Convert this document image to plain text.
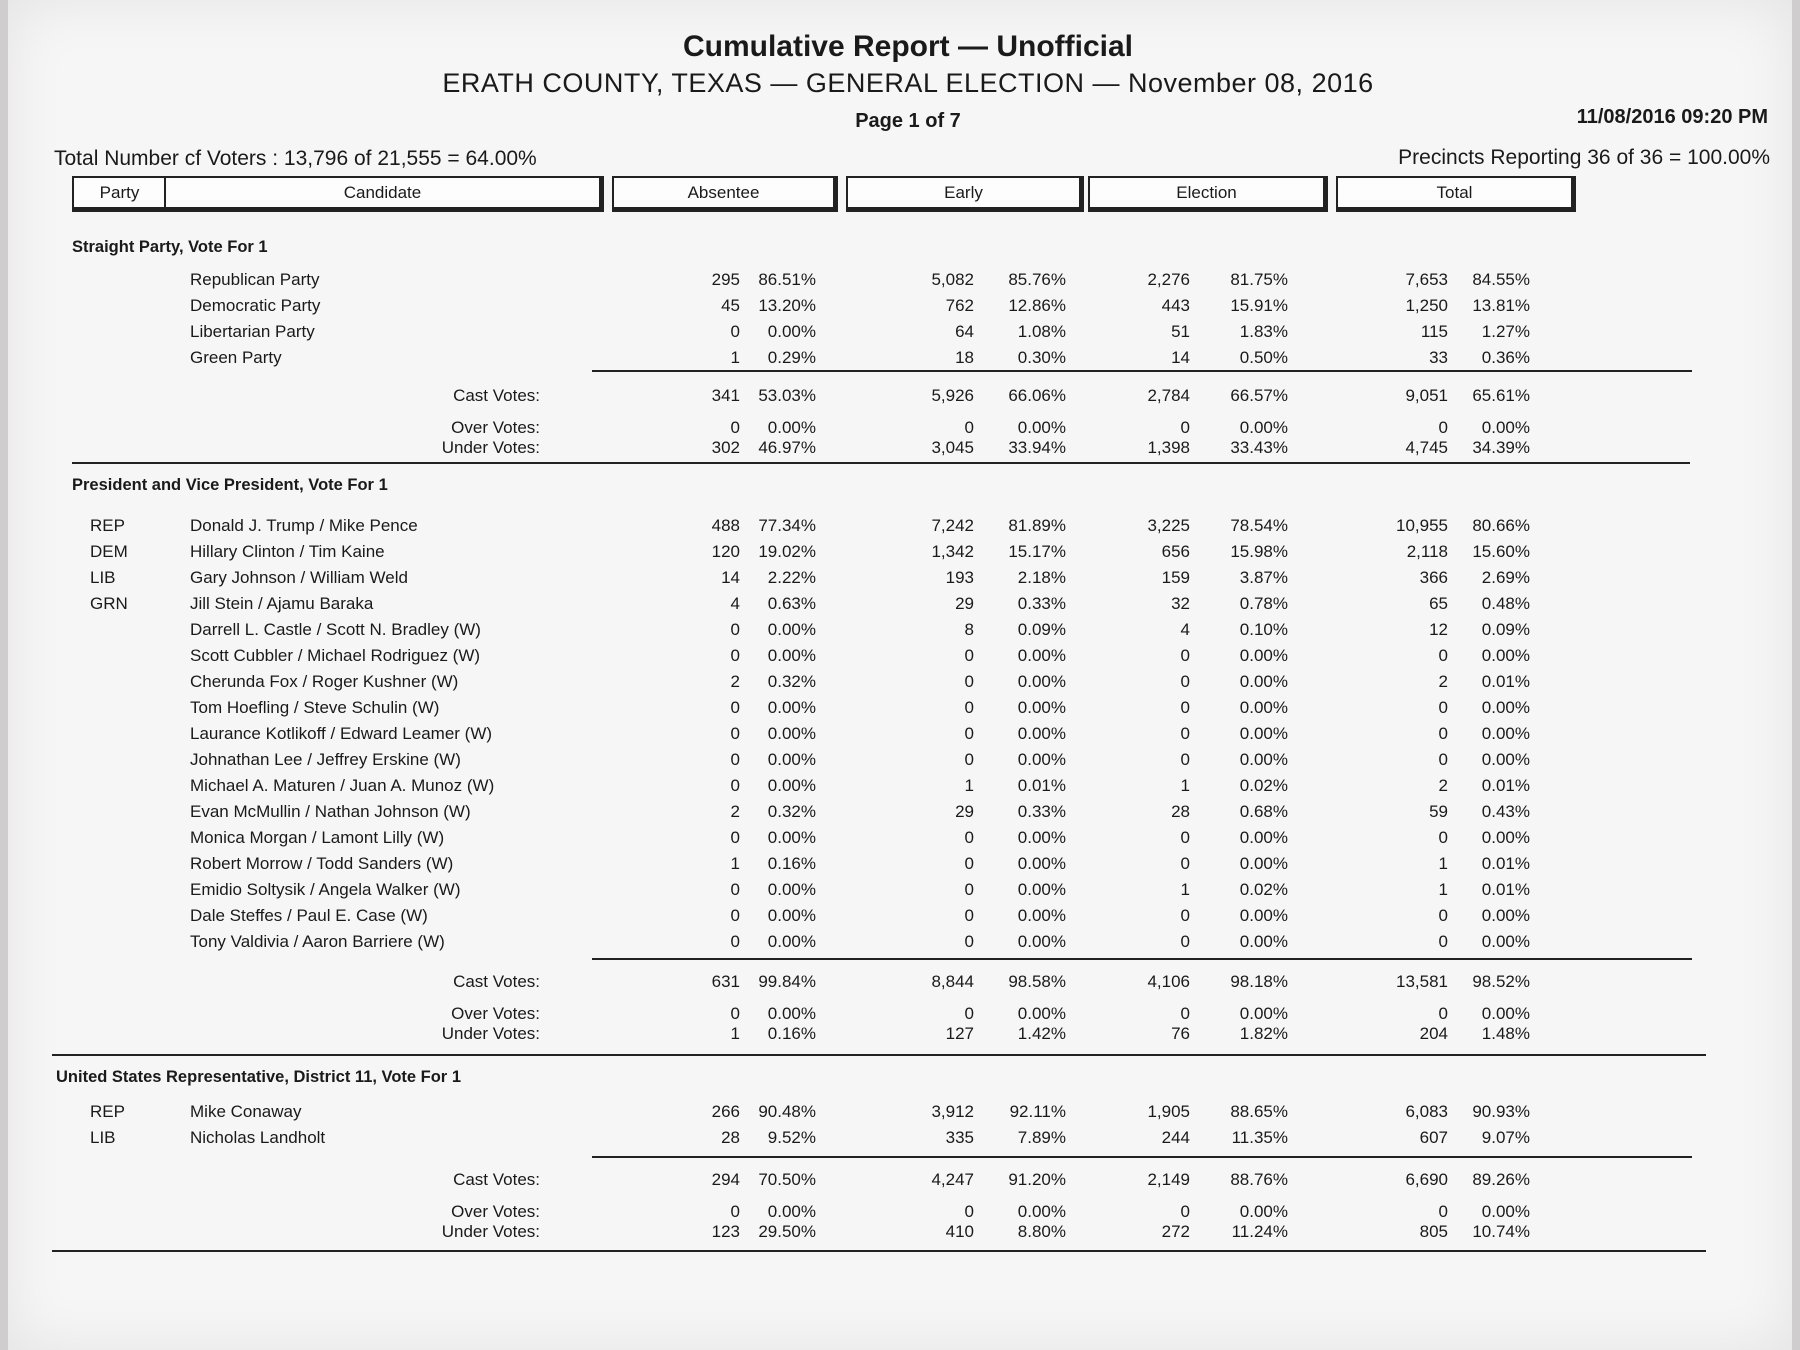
Cumulative Report — Unofficial
ERATH COUNTY, TEXAS — GENERAL ELECTION — November 08, 2016
Page 1 of 7	11/08/2016 09:20 PM
Total Number cf Voters : 13,796 of 21,555 = 64.00%	Precincts Reporting 36 of 36 = 100.00%
Party	Candidate	Absentee	Early	Election	Total
Straight Party, Vote For 1
Republican Party	295	86.51%	5,082	85.76%	2,276	81.75%	7,653	84.55%
Democratic Party	45	13.20%	762	12.86%	443	15.91%	1,250	13.81%
Libertarian Party	0	0.00%	64	1.08%	51	1.83%	115	1.27%
Green Party	1	0.29%	18	0.30%	14	0.50%	33	0.36%
Cast Votes:	341	53.03%	5,926	66.06%	2,784	66.57%	9,051	65.61%
Over Votes:	0	0.00%	0	0.00%	0	0.00%	0	0.00%
Under Votes:	302	46.97%	3,045	33.94%	1,398	33.43%	4,745	34.39%
President and Vice President, Vote For 1
REP	Donald J. Trump / Mike Pence	488	77.34%	7,242	81.89%	3,225	78.54%	10,955	80.66%
DEM	Hillary Clinton / Tim Kaine	120	19.02%	1,342	15.17%	656	15.98%	2,118	15.60%
LIB	Gary Johnson / William Weld	14	2.22%	193	2.18%	159	3.87%	366	2.69%
GRN	Jill Stein / Ajamu Baraka	4	0.63%	29	0.33%	32	0.78%	65	0.48%
Darrell L. Castle / Scott N. Bradley (W)	0	0.00%	8	0.09%	4	0.10%	12	0.09%
Scott Cubbler / Michael Rodriguez (W)	0	0.00%	0	0.00%	0	0.00%	0	0.00%
Cherunda Fox / Roger Kushner (W)	2	0.32%	0	0.00%	0	0.00%	2	0.01%
Tom Hoefling / Steve Schulin (W)	0	0.00%	0	0.00%	0	0.00%	0	0.00%
Laurance Kotlikoff / Edward Leamer (W)	0	0.00%	0	0.00%	0	0.00%	0	0.00%
Johnathan Lee / Jeffrey Erskine (W)	0	0.00%	0	0.00%	0	0.00%	0	0.00%
Michael A. Maturen / Juan A. Munoz (W)	0	0.00%	1	0.01%	1	0.02%	2	0.01%
Evan McMullin / Nathan Johnson (W)	2	0.32%	29	0.33%	28	0.68%	59	0.43%
Monica Morgan / Lamont Lilly (W)	0	0.00%	0	0.00%	0	0.00%	0	0.00%
Robert Morrow / Todd Sanders (W)	1	0.16%	0	0.00%	0	0.00%	1	0.01%
Emidio Soltysik / Angela Walker (W)	0	0.00%	0	0.00%	1	0.02%	1	0.01%
Dale Steffes / Paul E. Case (W)	0	0.00%	0	0.00%	0	0.00%	0	0.00%
Tony Valdivia / Aaron Barriere (W)	0	0.00%	0	0.00%	0	0.00%	0	0.00%
Cast Votes:	631	99.84%	8,844	98.58%	4,106	98.18%	13,581	98.52%
Over Votes:	0	0.00%	0	0.00%	0	0.00%	0	0.00%
Under Votes:	1	0.16%	127	1.42%	76	1.82%	204	1.48%
United States Representative, District 11, Vote For 1
REP	Mike Conaway	266	90.48%	3,912	92.11%	1,905	88.65%	6,083	90.93%
LIB	Nicholas Landholt	28	9.52%	335	7.89%	244	11.35%	607	9.07%
Cast Votes:	294	70.50%	4,247	91.20%	2,149	88.76%	6,690	89.26%
Over Votes:	0	0.00%	0	0.00%	0	0.00%	0	0.00%
Under Votes:	123	29.50%	410	8.80%	272	11.24%	805	10.74%
